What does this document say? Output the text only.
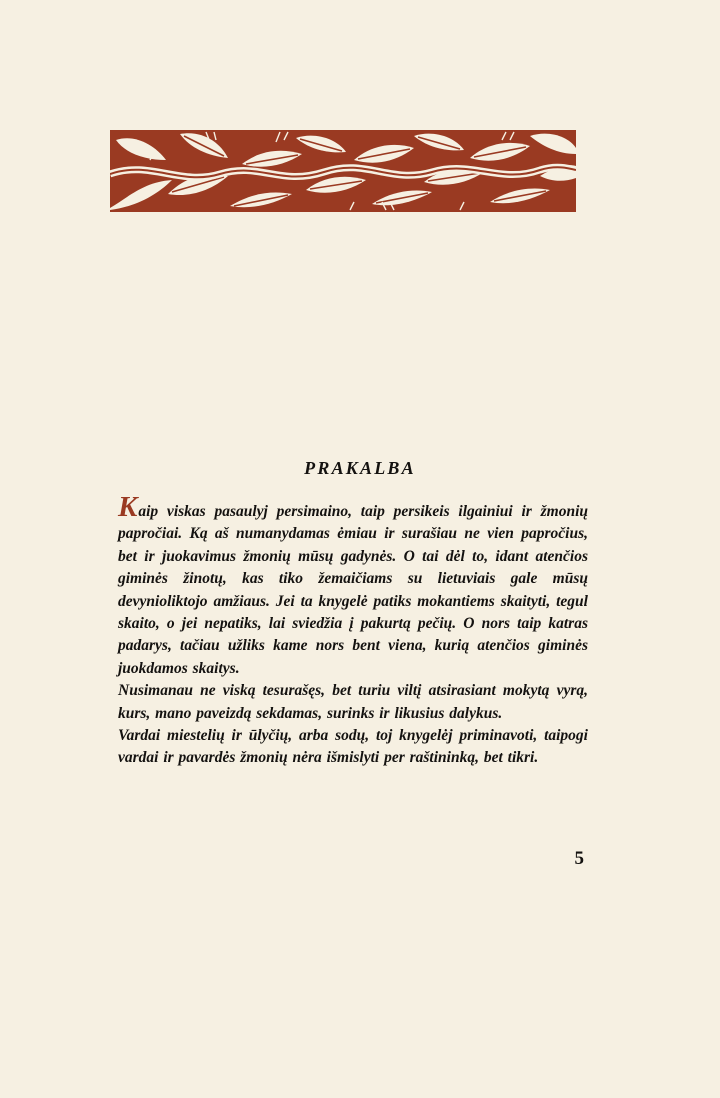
PRAKALBA

Kaip viskas pasaulyj persimaino, taip persikeis ilgainiui ir žmonių papročiai. Ką aš numanydamas ėmiau ir surašiau ne vien papročius, bet ir juokavimus žmonių mūsų gadynės. O tai dėl to, idant atenčios giminės žinotų, kas tiko žemaičiams su lietuviais gale mūsų devynioliktojo amžiaus. Jei ta knygelė patiks mokantiems skaityti, tegul skaito, o jei nepatiks, lai sviedžia į pakurtą pečių. O nors taip katras padarys, tačiau užliks kame nors bent viena, kurią atenčios giminės juokdamos skaitys.

Nusimanau ne viską tesurašęs, bet turiu viltį atsirasiant mokytą vyrą, kurs, mano paveizdą sekdamas, surinks ir likusius dalykus.

Vardai miestelių ir ūlyčių, arba sodų, toj knygelėj priminavoti, taipogi vardai ir pavardės žmonių nėra išmislyti per raštininką, bet tikri.

5
